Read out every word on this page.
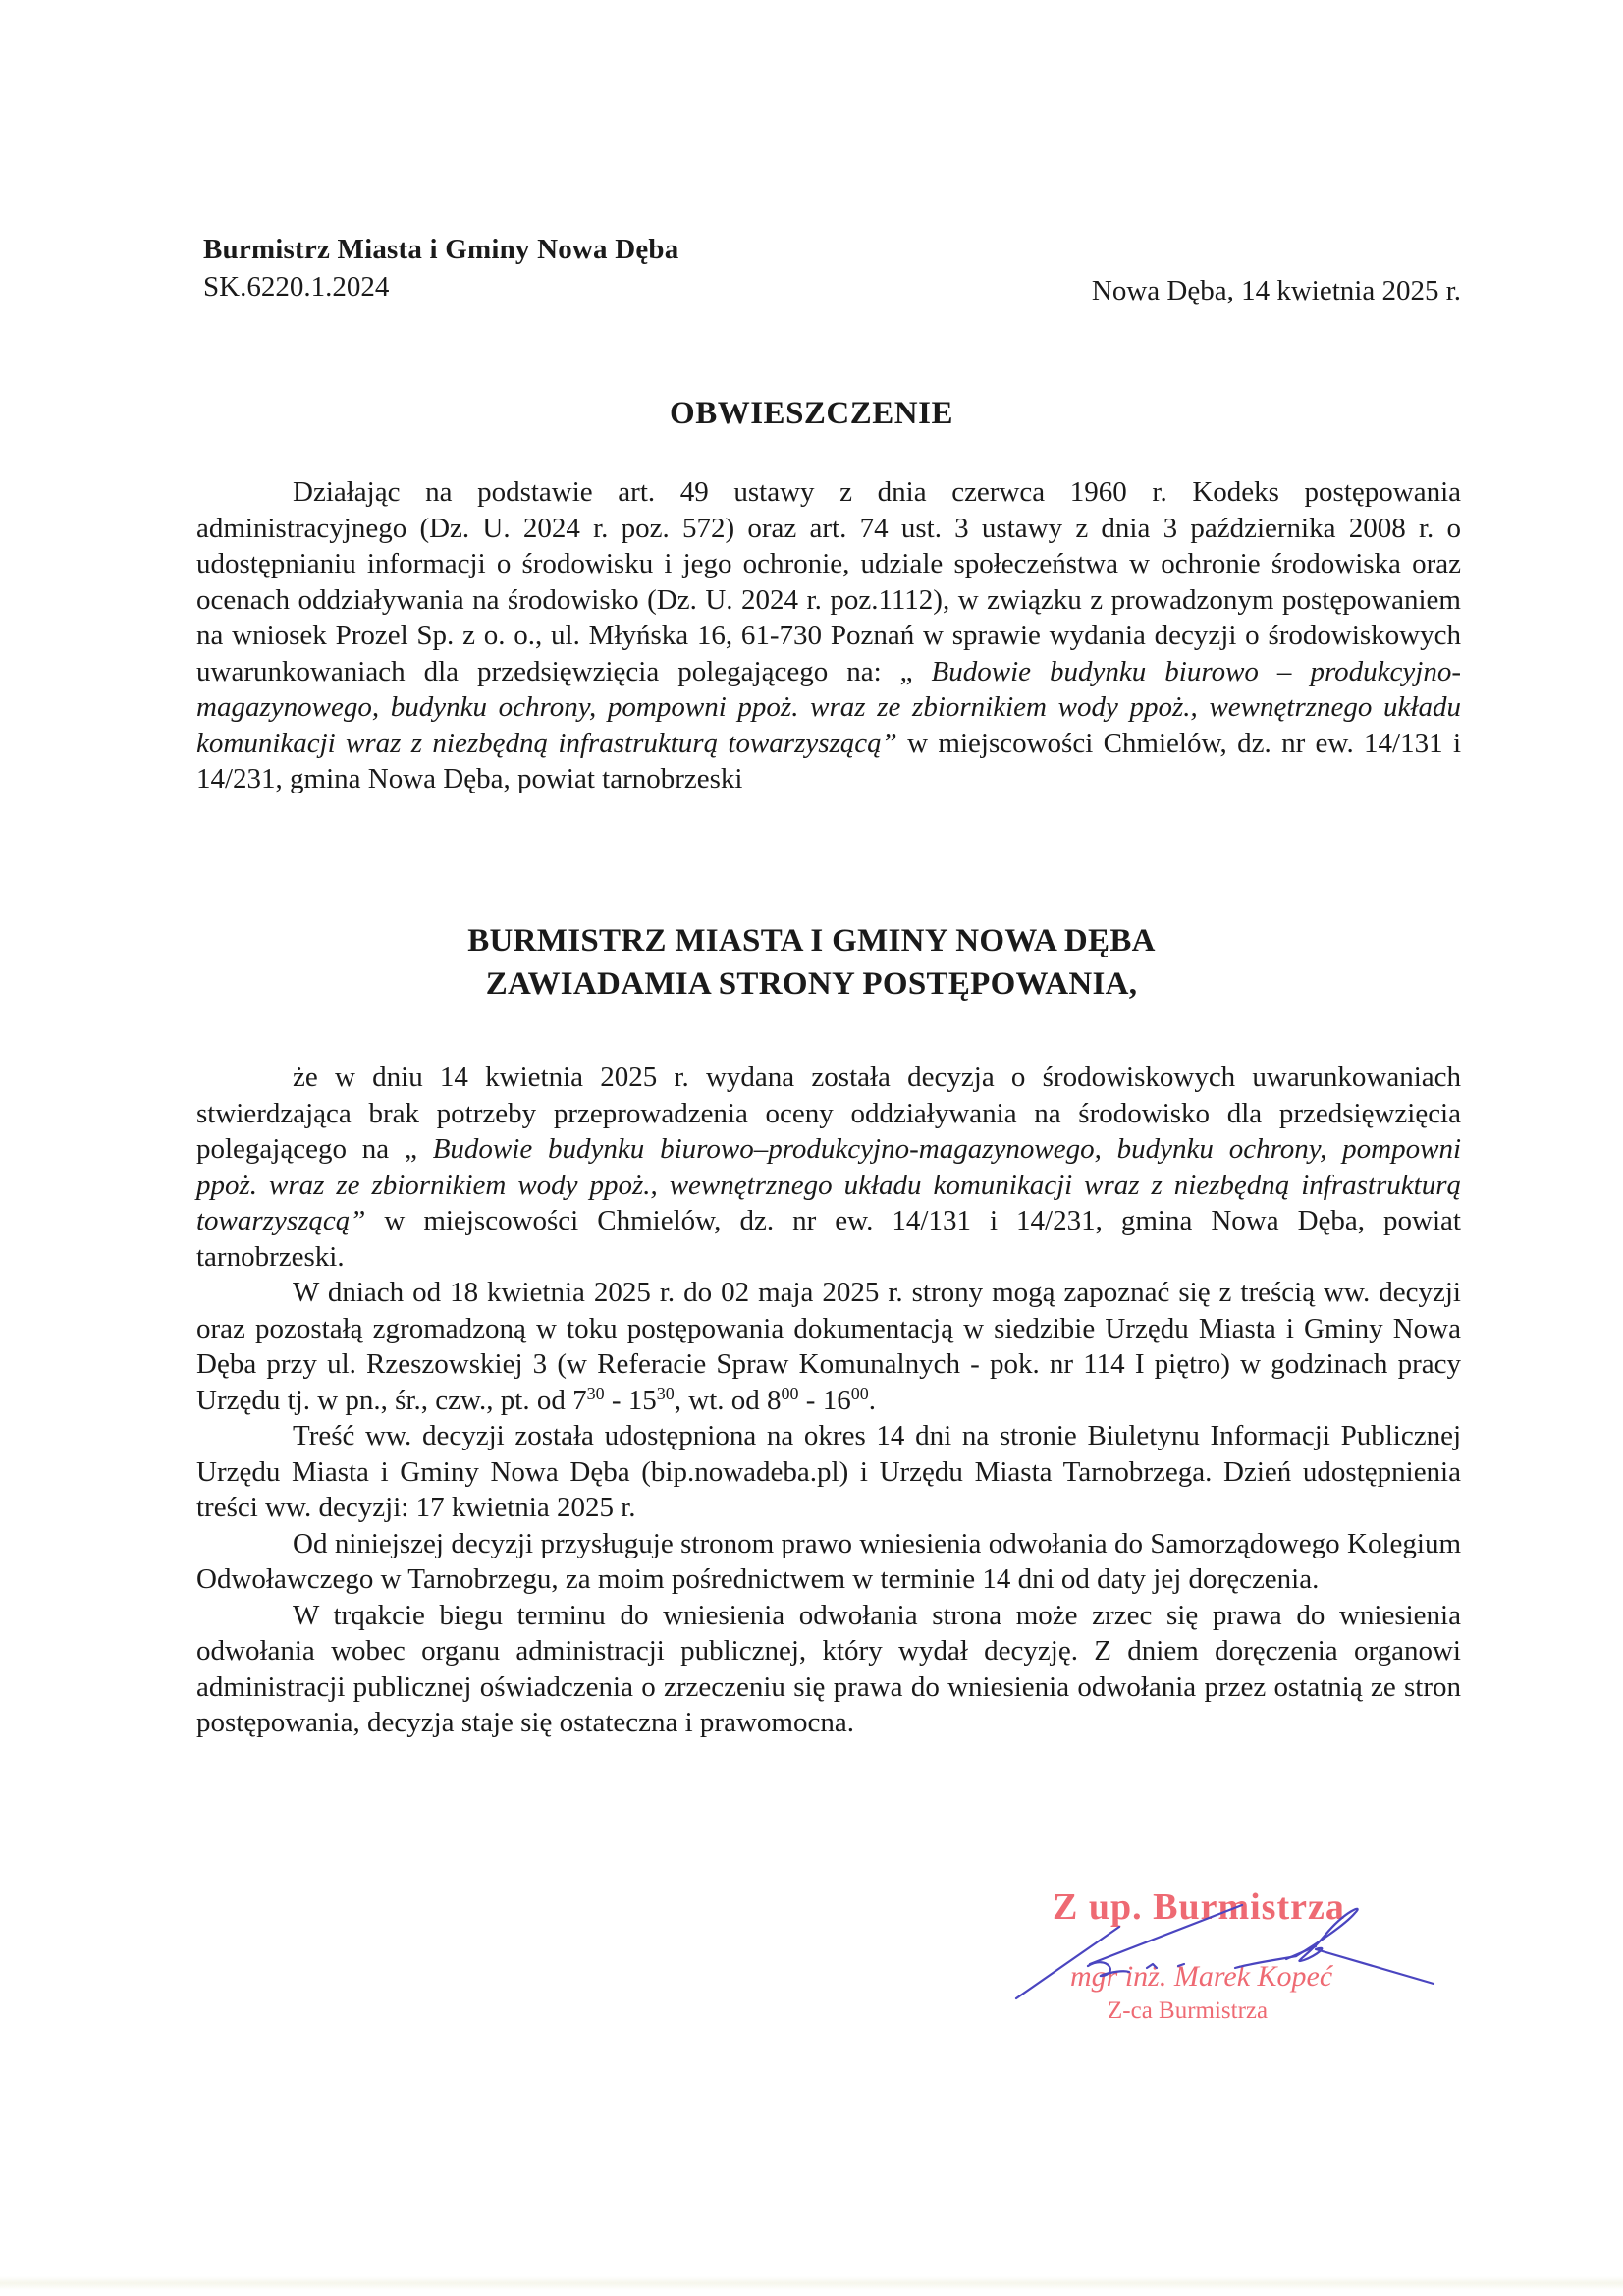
Burmistrz Miasta i Gminy Nowa Dęba
SK.6220.1.2024	Nowa Dęba, 14 kwietnia 2025 r.
OBWIESZCZENIE

Działając na podstawie art. 49 ustawy z dnia czerwca 1960 r. Kodeks postępowania administracyjnego (Dz. U. 2024 r. poz. 572) oraz art. 74 ust. 3 ustawy z dnia 3 października 2008 r. o udostępnianiu informacji o środowisku i jego ochronie, udziale społeczeństwa w ochronie środowiska oraz ocenach oddziaływania na środowisko (Dz. U. 2024 r. poz.1112), w związku z prowadzonym postępowaniem na wniosek Prozel Sp. z o. o., ul. Młyńska 16, 61-730 Poznań w sprawie wydania decyzji o środowiskowych uwarunkowaniach dla przedsięwzięcia polegającego na: „ Budowie budynku biurowo – produkcyjno-magazynowego, budynku ochrony, pompowni ppoż. wraz ze zbiornikiem wody ppoż., wewnętrznego układu komunikacji wraz z niezbędną infrastrukturą towarzyszącą” w miejscowości Chmielów, dz. nr ew. 14/131 i 14/231, gmina Nowa Dęba, powiat tarnobrzeski

BURMISTRZ MIASTA I GMINY NOWA DĘBA
ZAWIADAMIA STRONY POSTĘPOWANIA,

że w dniu 14 kwietnia 2025 r. wydana została decyzja o środowiskowych uwarunkowaniach stwierdzająca brak potrzeby przeprowadzenia oceny oddziaływania na środowisko dla przedsięwzięcia polegającego na „ Budowie budynku biurowo–produkcyjno-magazynowego, budynku ochrony, pompowni ppoż. wraz ze zbiornikiem wody ppoż., wewnętrznego układu komunikacji wraz z niezbędną infrastrukturą towarzyszącą” w miejscowości Chmielów, dz. nr ew. 14/131 i 14/231, gmina Nowa Dęba, powiat tarnobrzeski.

W dniach od 18 kwietnia 2025 r. do 02 maja 2025 r. strony mogą zapoznać się z treścią ww. decyzji oraz pozostałą zgromadzoną w toku postępowania dokumentacją w siedzibie Urzędu Miasta i Gminy Nowa Dęba przy ul. Rzeszowskiej 3 (w Referacie Spraw Komunalnych - pok. nr 114 I piętro) w godzinach pracy Urzędu tj. w pn., śr., czw., pt. od $7^{30} - 15^{30}$, wt. od $8^{00} - 16^{00}$.

Treść ww. decyzji została udostępniona na okres 14 dni na stronie Biuletynu Informacji Publicznej Urzędu Miasta i Gminy Nowa Dęba (bip.nowadeba.pl) i Urzędu Miasta Tarnobrzega. Dzień udostępnienia treści ww. decyzji: 17 kwietnia 2025 r.

Od niniejszej decyzji przysługuje stronom prawo wniesienia odwołania do Samorządowego Kolegium Odwoławczego w Tarnobrzegu, za moim pośrednictwem w terminie 14 dni od daty jej doręczenia.

W trqakcie biegu terminu do wniesienia odwołania strona może zrzec się prawa do wniesienia odwołania wobec organu administracji publicznej, który wydał decyzję. Z dniem doręczenia organowi administracji publicznej oświadczenia o zrzeczeniu się prawa do wniesienia odwołania przez ostatnią ze stron postępowania, decyzja staje się ostateczna i prawomocna.

Z up. Burmistrza
mgr inż. Marek Kopeć
Z-ca Burmistrza
